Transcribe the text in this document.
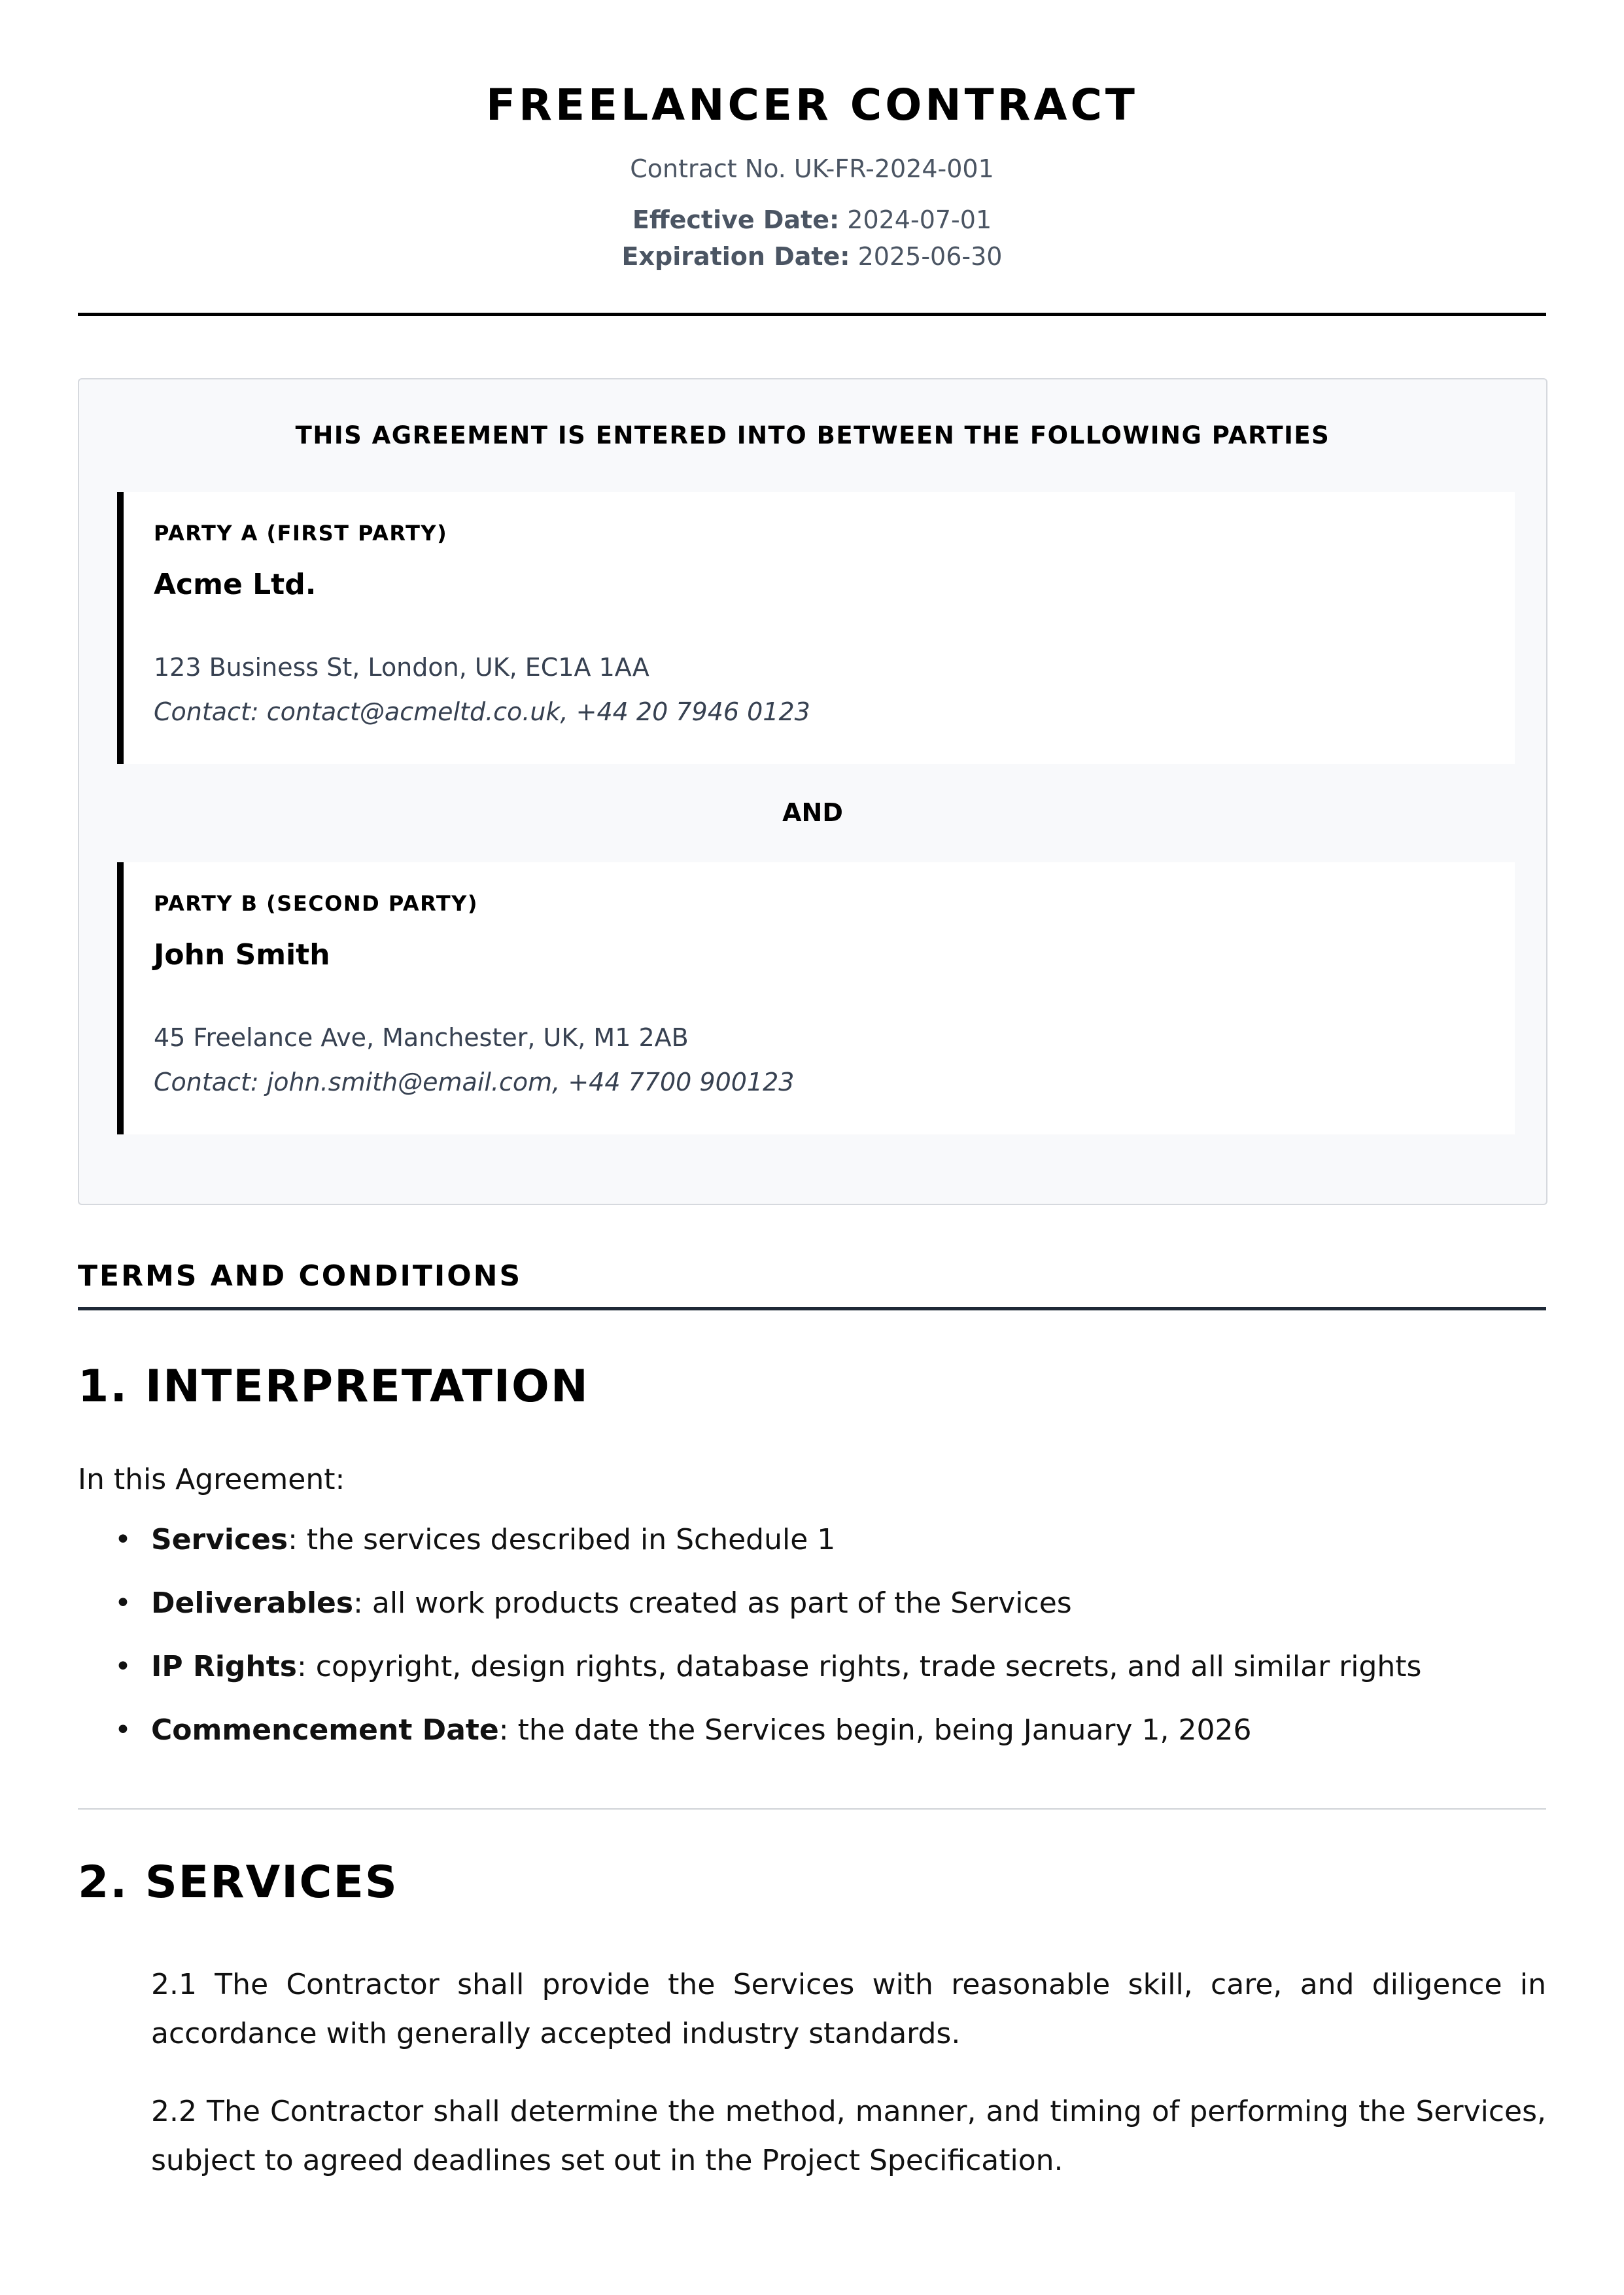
FREELANCER CONTRACT
Contract No. UK-FR-2024-001
Effective Date: 2024-07-01
Expiration Date: 2025-06-30
THIS AGREEMENT IS ENTERED INTO BETWEEN THE FOLLOWING PARTIES
PARTY A (FIRST PARTY)
Acme Ltd.
123 Business St, London, UK, EC1A 1AA
Contact: contact@acmeltd.co.uk, +44 20 7946 0123
AND
PARTY B (SECOND PARTY)
John Smith
45 Freelance Ave, Manchester, UK, M1 2AB
Contact: john.smith@email.com, +44 7700 900123
TERMS AND CONDITIONS
1. INTERPRETATION
In this Agreement:
• Services: the services described in Schedule 1
• Deliverables: all work products created as part of the Services
• IP Rights: copyright, design rights, database rights, trade secrets, and all similar rights
• Commencement Date: the date the Services begin, being January 1, 2026
2. SERVICES

2.1 The Contractor shall provide the Services with reasonable skill, care, and diligence in accordance with generally accepted industry standards.

2.2 The Contractor shall determine the method, manner, and timing of performing the Services, subject to agreed deadlines set out in the Project Specification.
